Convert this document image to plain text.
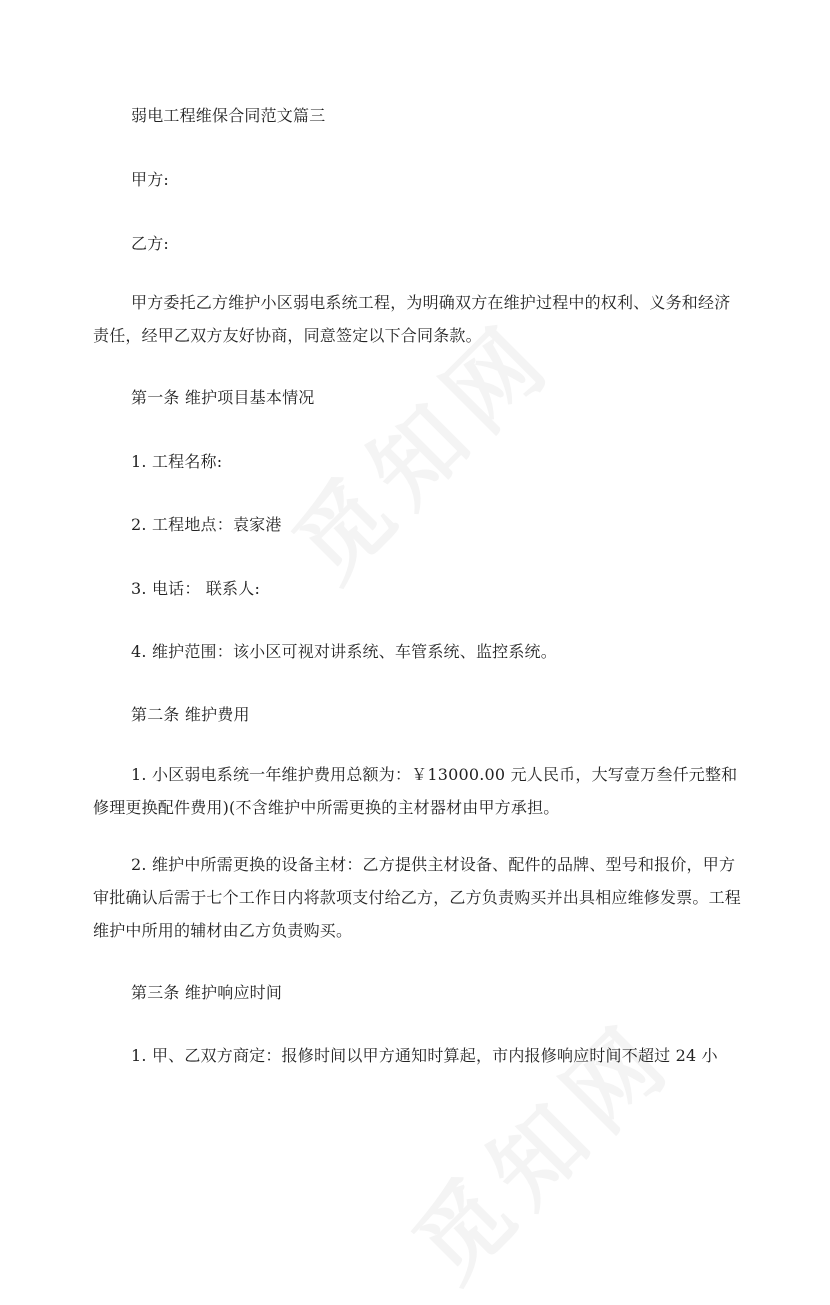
弱电工程维保合同范文篇三

甲方:

乙方:

甲方委托乙方维护小区弱电系统工程，为明确双方在维护过程中的权利、义务和经济责任，经甲乙双方友好协商，同意签定以下合同条款。

第一条 维护项目基本情况

1. 工程名称:

2. 工程地点：袁家港

3. 电话： 联系人:

4. 维护范围：该小区可视对讲系统、车管系统、监控系统。

第二条 维护费用

1. 小区弱电系统一年维护费用总额为：￥13000.00 元人民币，大写壹万叁仟元整和修理更换配件费用)(不含维护中所需更换的主材器材由甲方承担。

2. 维护中所需更换的设备主材：乙方提供主材设备、配件的品牌、型号和报价，甲方审批确认后需于七个工作日内将款项支付给乙方，乙方负责购买并出具相应维修发票。工程维护中所用的辅材由乙方负责购买。

第三条 维护响应时间

1. 甲、乙双方商定：报修时间以甲方通知时算起，市内报修响应时间不超过 24 小
